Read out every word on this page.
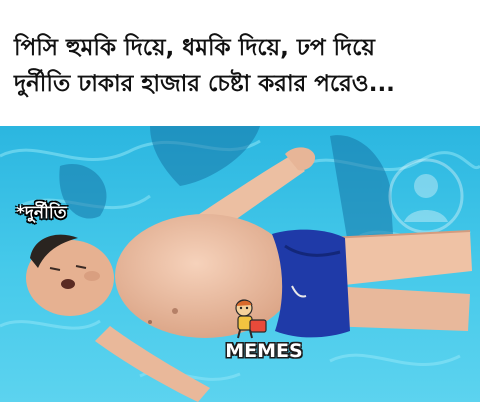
পিসি হুমকি দিয়ে, ধমকি দিয়ে, ঢপ দিয়ে
দুর্নীতি ঢাকার হাজার চেষ্টা করার পরেও...
*দুর্নীতি
MEMES
